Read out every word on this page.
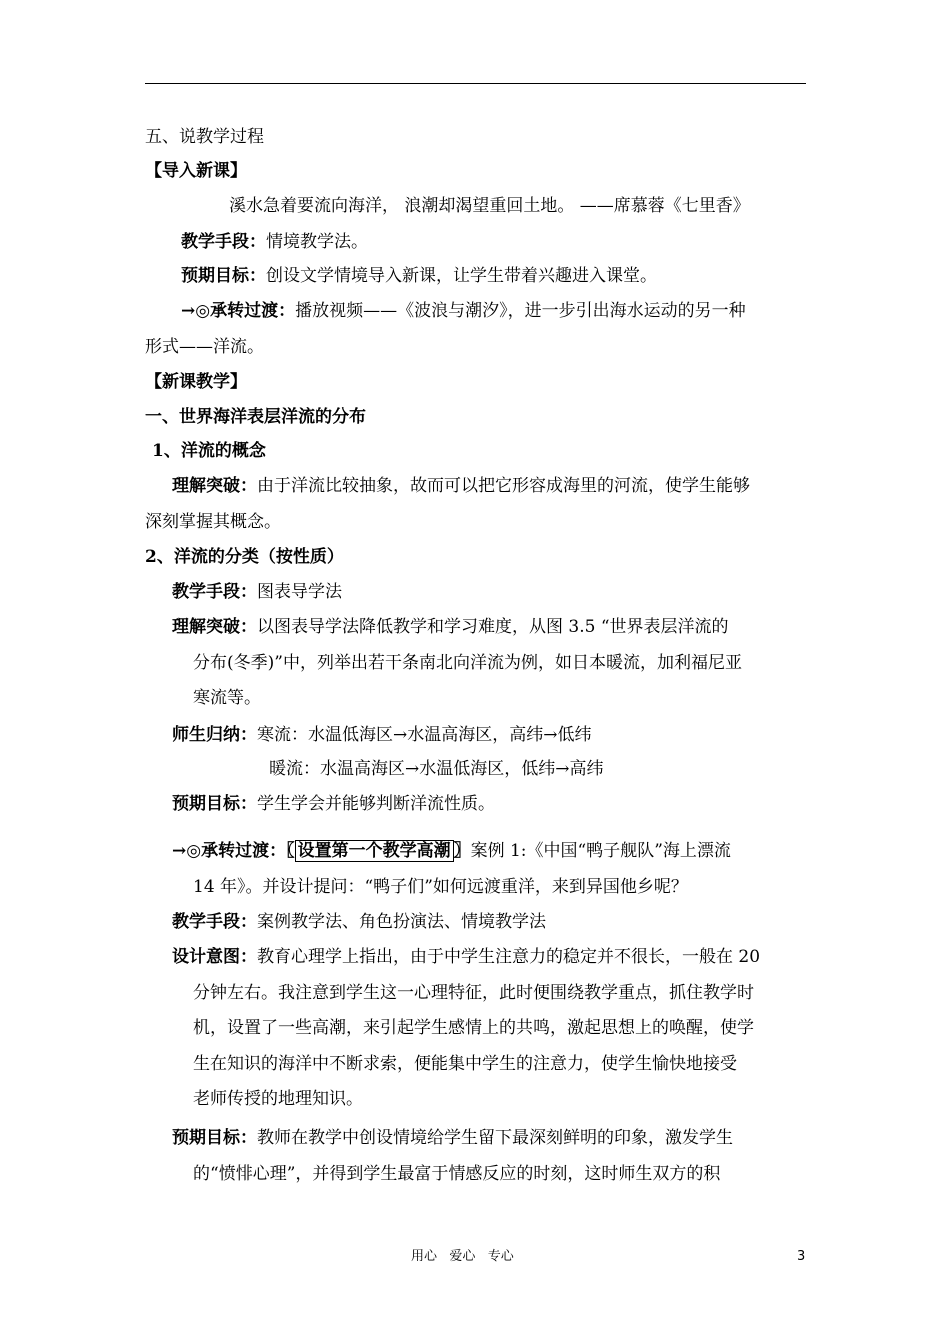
五、说教学过程
【导入新课】
溪水急着要流向海洋， 浪潮却渴望重回土地。 ——席慕蓉《七里香》
教学手段：情境教学法。
预期目标：创设文学情境导入新课，让学生带着兴趣进入课堂。
→◎承转过渡：播放视频——《波浪与潮汐》，进一步引出海水运动的另一种
形式——洋流。
【新课教学】
一、世界海洋表层洋流的分布
1、洋流的概念
理解突破：由于洋流比较抽象，故而可以把它形容成海里的河流，使学生能够
深刻掌握其概念。
2、洋流的分类（按性质）
教学手段：图表导学法
理解突破：以图表导学法降低教学和学习难度，从图 3.5 “世界表层洋流的
分布(冬季)”中，列举出若干条南北向洋流为例，如日本暖流，加利福尼亚
寒流等。
师生归纳：寒流：水温低海区→水温高海区，高纬→低纬
暖流：水温高海区→水温低海区，低纬→高纬
预期目标：学生学会并能够判断洋流性质。
→◎承转过渡：〖 设置第一个教学高潮 〗案例 1:《中国“鸭子舰队”海上漂流
14 年》。并设计提问：“鸭子们”如何远渡重洋，来到异国他乡呢？
教学手段：案例教学法、角色扮演法、情境教学法
设计意图：教育心理学上指出，由于中学生注意力的稳定并不很长，一般在 20
分钟左右。我注意到学生这一心理特征，此时便围绕教学重点，抓住教学时
机，设置了一些高潮，来引起学生感情上的共鸣，激起思想上的唤醒，使学
生在知识的海洋中不断求索，便能集中学生的注意力，使学生愉快地接受
老师传授的地理知识。
预期目标：教师在教学中创设情境给学生留下最深刻鲜明的印象，激发学生
的“愤悱心理”，并得到学生最富于情感反应的时刻，这时师生双方的积
用心   爱心   专心	3
